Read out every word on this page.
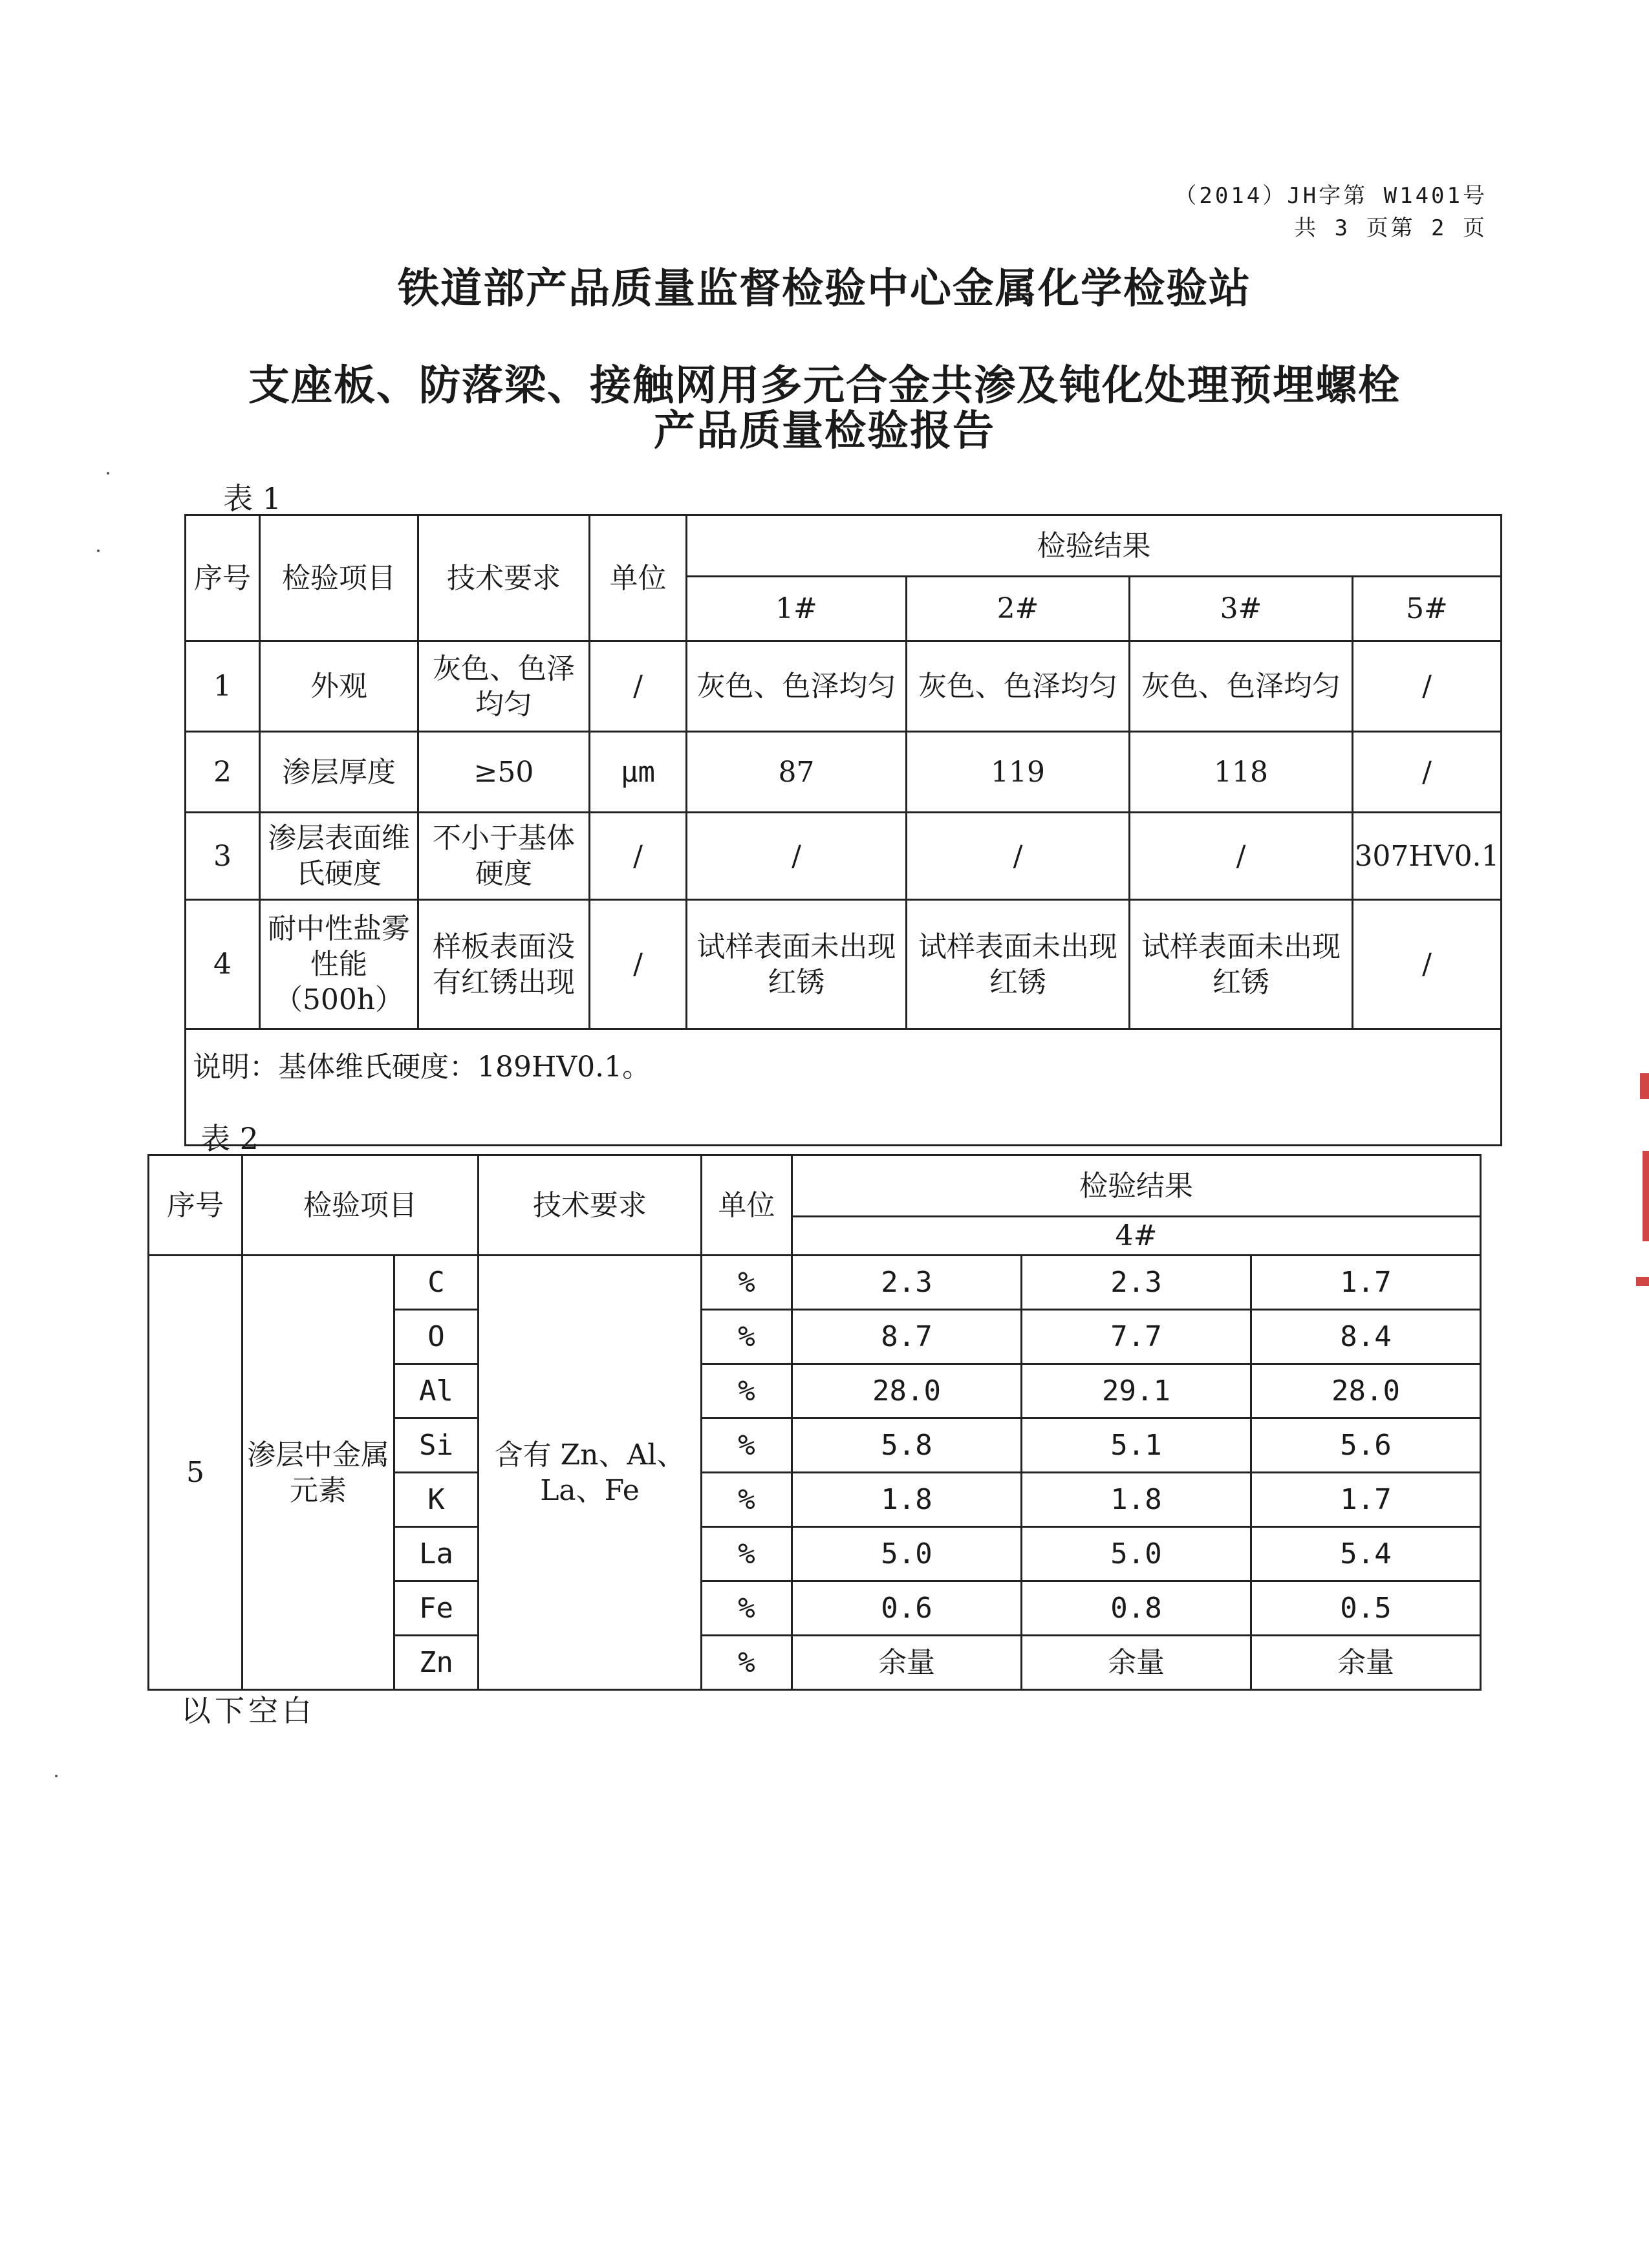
（2014）JH字第 W1401号
共 3 页第 2 页
铁道部产品质量监督检验中心金属化学检验站
支座板、防落梁、接触网用多元合金共渗及钝化处理预埋螺栓
产品质量检验报告
表 1
序号	检验项目	技术要求	单位	检验结果			
				1#	2#	3#	5#
1	外观	灰色、色泽均匀	/	灰色、色泽均匀	灰色、色泽均匀	灰色、色泽均匀	/
2	渗层厚度	≥50	μm	87	119	118	/
3	渗层表面维氏硬度	不小于基体硬度	/	/	/	/	307HV0.1
4	耐中性盐雾性能（500h）	样板表面没有红锈出现	/	试样表面未出现红锈	试样表面未出现红锈	试样表面未出现红锈	/
说明：基体维氏硬度：189HV0.1。							
表 2
序号	检验项目		技术要求	单位	检验结果		
					4#		
5	渗层中金属元素	C	含有 Zn、Al、La、Fe	%	2.3	2.3	1.7
		O		%	8.7	7.7	8.4
		Al		%	28.0	29.1	28.0
		Si		%	5.8	5.1	5.6
		K		%	1.8	1.8	1.7
		La		%	5.0	5.0	5.4
		Fe		%	0.6	0.8	0.5
		Zn		%	余量	余量	余量
以下空白
